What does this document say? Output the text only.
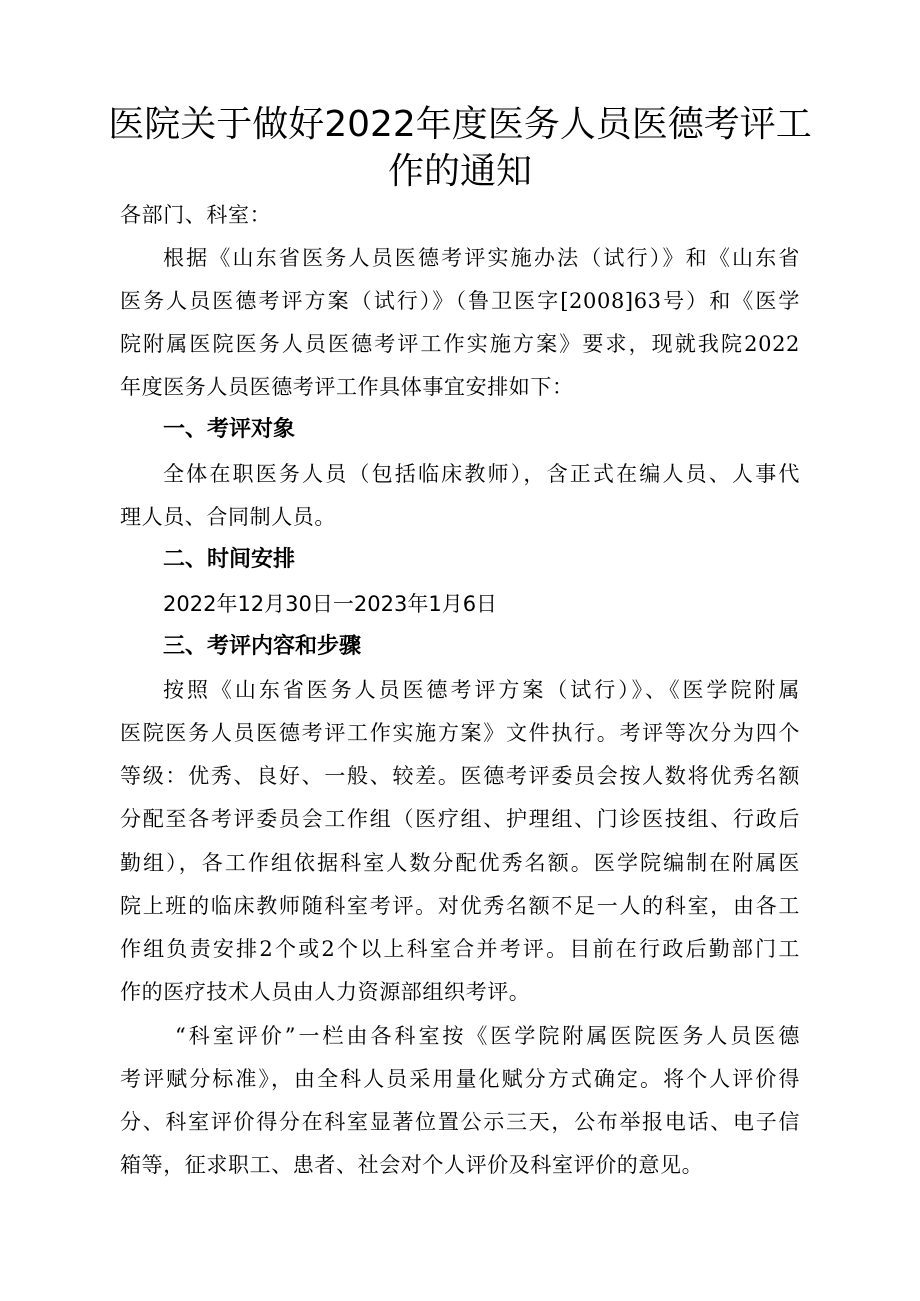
医院关于做好2022年度医务人员医德考评工
作的通知
各部门、科室：
根据《山东省医务人员医德考评实施办法（试行）》和《山东省
医务人员医德考评方案（试行）》（鲁卫医字[2008]63号）和《医学
院附属医院医务人员医德考评工作实施方案》要求，现就我院2022
年度医务人员医德考评工作具体事宜安排如下：
一、考评对象
全体在职医务人员（包括临床教师），含正式在编人员、人事代
理人员、合同制人员。
二、时间安排
2022年12月30日一2023年1月6日
三、考评内容和步骤
按照《山东省医务人员医德考评方案（试行）》、《医学院附属
医院医务人员医德考评工作实施方案》文件执行。考评等次分为四个
等级：优秀、良好、一般、较差。医德考评委员会按人数将优秀名额
分配至各考评委员会工作组（医疗组、护理组、门诊医技组、行政后
勤组），各工作组依据科室人数分配优秀名额。医学院编制在附属医
院上班的临床教师随科室考评。对优秀名额不足一人的科室，由各工
作组负责安排2个或2个以上科室合并考评。目前在行政后勤部门工
作的医疗技术人员由人力资源部组织考评。
“科室评价”一栏由各科室按《医学院附属医院医务人员医德
考评赋分标准》，由全科人员采用量化赋分方式确定。将个人评价得
分、科室评价得分在科室显著位置公示三天，公布举报电话、电子信
箱等，征求职工、患者、社会对个人评价及科室评价的意见。
